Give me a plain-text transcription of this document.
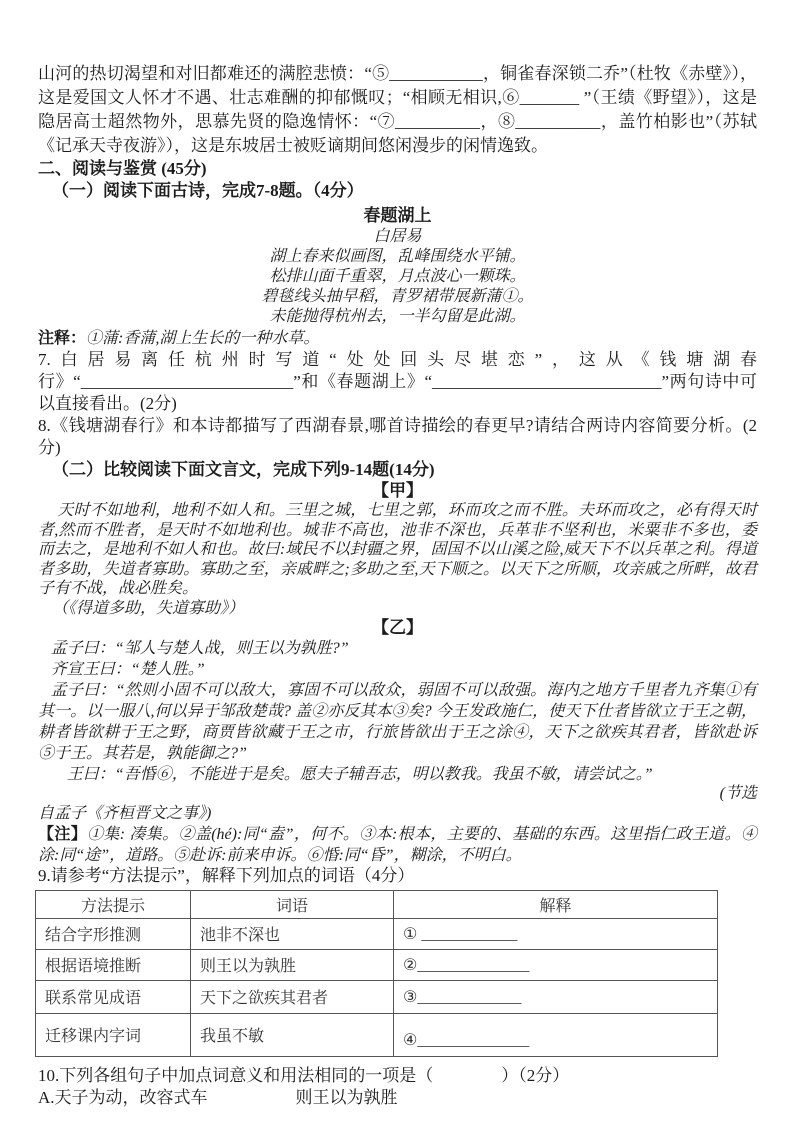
山河的热切渴望和对旧都难还的满腔悲愤：“⑤___________，铜雀春深锁二乔”（杜牧《赤壁》），这是爱国文人怀才不遇、壮志难酬的抑郁慨叹；“相顾无相识,⑥_______ ”（王绩《野望》），这是隐居高士超然物外，思慕先贤的隐逸情怀：“⑦__________，⑧__________，盖竹柏影也”（苏轼《记承天寺夜游》），这是东坡居士被贬谪期间悠闲漫步的闲情逸致。

二、阅读与鉴赏 (45分)
（一）阅读下面古诗，完成7-8题。（4分）
春题湖上
白居易
湖上春来似画图，乱峰围绕水平铺。
松排山面千重翠，月点波心一颗珠。
碧毯线头抽早稻，青罗裙带展新蒲①。
未能抛得杭州去，一半勾留是此湖。

注释：①蒲:香蒲,湖上生长的一种水草。

7.白居易离任杭州时写道“处处回头尽堪恋”，这从《钱塘湖春行》“_________________________”和《春题湖上》“___________________________”两句诗中可以直接看出。(2分)

8.《钱塘湖春行》和本诗都描写了西湖春景,哪首诗描绘的春更早?请结合两诗内容简要分析。(2分)

（二）比较阅读下面文言文，完成下列9-14题(14分)
【甲】

天时不如地利，地利不如人和。三里之城，七里之郭，环而攻之而不胜。夫环而攻之，必有得天时者,然而不胜者，是天时不如地利也。城非不高也，池非不深也，兵革非不坚利也，米粟非不多也，委而去之，是地利不如人和也。故曰:域民不以封疆之界，固国不以山溪之险,威天下不以兵革之利。得道者多助，失道者寡助。寡助之至，亲戚畔之;多助之至,天下顺之。以天下之所顺，攻亲戚之所畔，故君子有不战，战必胜矣。

（《得道多助，失道寡助》）

【乙】

孟子曰：“邹人与楚人战，则王以为孰胜?”

齐宣王曰：“楚人胜。”

孟子曰：“然则小固不可以敌大，寡固不可以敌众，弱固不可以敌强。海内之地方千里者九齐集①有其一。以一服八,何以异于邹敌楚哉? 盖②亦反其本③矣? 今王发政施仁，使天下仕者皆欲立于王之朝，耕者皆欲耕于王之野，商贾皆欲藏于王之市，行旅皆欲出于王之涂④，天下之欲疾其君者，皆欲赴诉⑤于王。其若是，孰能御之?”

王曰：“吾惛⑥，不能进于是矣。愿夫子辅吾志，明以教我。我虽不敏，请尝试之。”

(节选
自孟子《齐桓晋文之事》)

【注】①集: 凑集。②盖(hé):同“盍”，何不。③本:根本，主要的、基础的东西。这里指仁政王道。④涂:同“途”，道路。⑤赴诉:前来申诉。⑥惛:同“昏”，糊涂，不明白。

9.请参考“方法提示”，解释下列加点的词语（4分）

方法提示	词语	解释
结合字形推测	池非不深也	① ____________
根据语境推断	则王以为孰胜	②______________
联系常见成语	天下之欲疾其君者	③_____________
迁移课内字词	我虽不敏	④______________

10.下列各组句子中加点词意义和用法相同的一项是（　　　　）（2分）

A.天子为动，改容式车	则王以为孰胜
